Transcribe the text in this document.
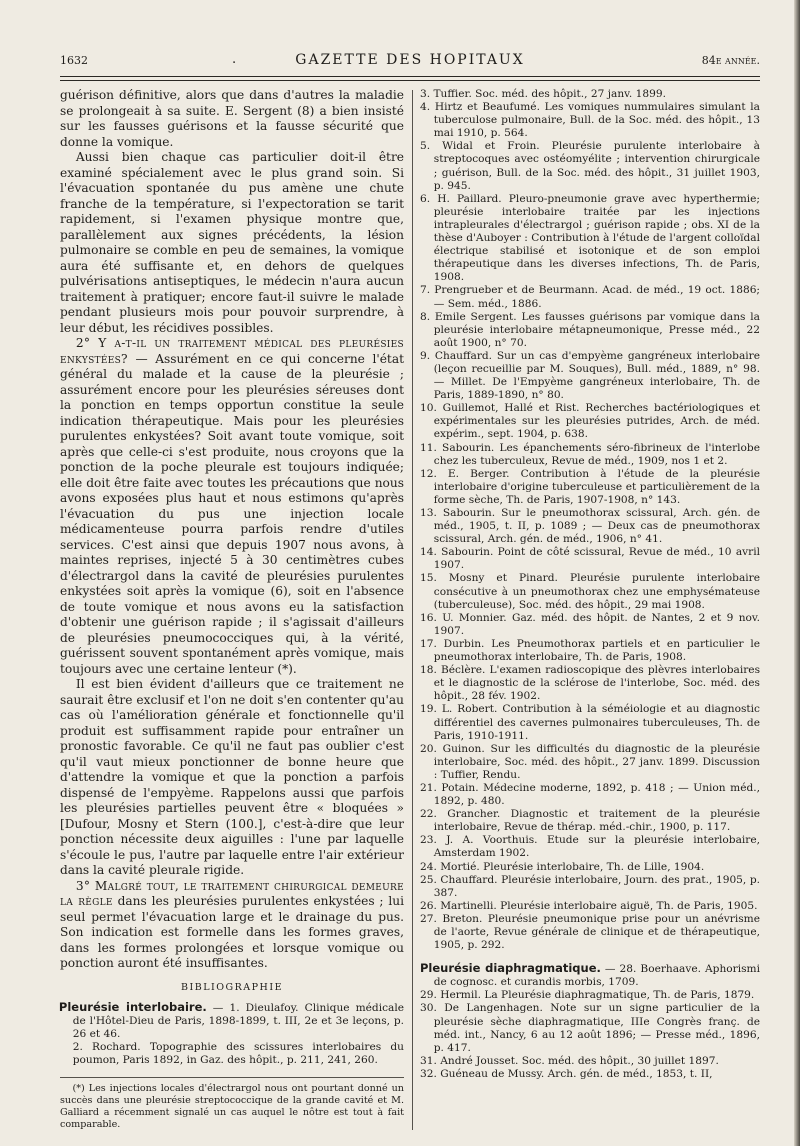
1632	.	GAZETTE DES HOPITAUX	84e année.

guérison définitive, alors que dans d'autres la maladie se prolongeait à sa suite. E. Sergent (8) a bien insisté sur les fausses guérisons et la fausse sécurité que donne la vomique.

Aussi bien chaque cas particulier doit-il être examiné spécialement avec le plus grand soin. Si l'évacuation spontanée du pus amène une chute franche de la température, si l'expectoration se tarit rapidement, si l'examen physique montre que, parallèlement aux signes précédents, la lésion pulmonaire se comble en peu de semaines, la vomique aura été suffisante et, en dehors de quelques pulvérisations antiseptiques, le médecin n'aura aucun traitement à pratiquer; encore faut-il suivre le malade pendant plusieurs mois pour pouvoir surprendre, à leur début, les récidives possibles.

2° Y a-t-il un traitement médical des pleurésies enkystées? — Assurément en ce qui concerne l'état général du malade et la cause de la pleurésie ; assurément encore pour les pleurésies séreuses dont la ponction en temps opportun constitue la seule indication thérapeutique. Mais pour les pleurésies purulentes enkystées? Soit avant toute vomique, soit après que celle-ci s'est produite, nous croyons que la ponction de la poche pleurale est toujours indiquée; elle doit être faite avec toutes les précautions que nous avons exposées plus haut et nous estimons qu'après l'évacuation du pus une injection locale médicamenteuse pourra parfois rendre d'utiles services. C'est ainsi que depuis 1907 nous avons, à maintes reprises, injecté 5 à 30 centimètres cubes d'électrargol dans la cavité de pleurésies purulentes enkystées soit après la vomique (6), soit en l'absence de toute vomique et nous avons eu la satisfaction d'obtenir une guérison rapide ; il s'agissait d'ailleurs de pleurésies pneumococciques qui, à la vérité, guérissent souvent spontanément après vomique, mais toujours avec une certaine lenteur (*).

Il est bien évident d'ailleurs que ce traitement ne saurait être exclusif et l'on ne doit s'en contenter qu'au cas où l'amélioration générale et fonctionnelle qu'il produit est suffisamment rapide pour entraîner un pronostic favorable. Ce qu'il ne faut pas oublier c'est qu'il vaut mieux ponctionner de bonne heure que d'attendre la vomique et que la ponction a parfois dispensé de l'empyème. Rappelons aussi que parfois les pleurésies partielles peuvent être « bloquées » [Dufour, Mosny et Stern (100.], c'est-à-dire que leur ponction nécessite deux aiguilles : l'une par laquelle s'écoule le pus, l'autre par laquelle entre l'air extérieur dans la cavité pleurale rigide.

3° Malgré tout, le traitement chirurgical demeure la règle dans les pleurésies purulentes enkystées ; lui seul permet l'évacuation large et le drainage du pus. Son indication est formelle dans les formes graves, dans les formes prolongées et lorsque vomique ou ponction auront été insuffisantes.

BIBLIOGRAPHIE

Pleurésie interlobaire. — 1. Dieulafoy. Clinique médicale de l'Hôtel-Dieu de Paris, 1898-1899, t. III, 2e et 3e leçons, p. 26 et 46.

2. Rochard. Topographie des scissures interlobaires du poumon, Paris 1892, in Gaz. des hôpit., p. 211, 241, 260.

(*) Les injections locales d'électrargol nous ont pourtant donné un succès dans une pleurésie streptococcique de la grande cavité et M. Galliard a récemment signalé un cas auquel le nôtre est tout à fait comparable.

3. Tuffier. Soc. méd. des hôpit., 27 janv. 1899.

4. Hirtz et Beaufumé. Les vomiques nummulaires simulant la tuberculose pulmonaire, Bull. de la Soc. méd. des hôpit., 13 mai 1910, p. 564.

5. Widal et Froin. Pleurésie purulente interlobaire à streptocoques avec ostéomyélite ; intervention chirurgicale ; guérison, Bull. de la Soc. méd. des hôpit., 31 juillet 1903, p. 945.

6. H. Paillard. Pleuro-pneumonie grave avec hyperthermie; pleurésie interlobaire traitée par les injections intrapleurales d'électrargol ; guérison rapide ; obs. XI de la thèse d'Auboyer : Contribution à l'étude de l'argent colloïdal électrique stabilisé et isotonique et de son emploi thérapeutique dans les diverses infections, Th. de Paris, 1908.

7. Prengrueber et de Beurmann. Acad. de méd., 19 oct. 1886; — Sem. méd., 1886.

8. Emile Sergent. Les fausses guérisons par vomique dans la pleurésie interlobaire métapneumonique, Presse méd., 22 août 1900, n° 70.

9. Chauffard. Sur un cas d'empyème gangréneux interlobaire (leçon recueillie par M. Souques), Bull. méd., 1889, n° 98. — Millet. De l'Empyème gangréneux interlobaire, Th. de Paris, 1889-1890, n° 80.

10. Guillemot, Hallé et Rist. Recherches bactériologiques et expérimentales sur les pleurésies putrides, Arch. de méd. expérim., sept. 1904, p. 638.

11. Sabourin. Les épanchements séro-fibrineux de l'interlobe chez les tuberculeux, Revue de méd., 1909, nos 1 et 2.

12. E. Berger. Contribution à l'étude de la pleurésie interlobaire d'origine tuberculeuse et particulièrement de la forme sèche, Th. de Paris, 1907-1908, n° 143.

13. Sabourin. Sur le pneumothorax scissural, Arch. gén. de méd., 1905, t. II, p. 1089 ; — Deux cas de pneumothorax scissural, Arch. gén. de méd., 1906, n° 41.

14. Sabourin. Point de côté scissural, Revue de méd., 10 avril 1907.

15. Mosny et Pinard. Pleurésie purulente interlobaire consécutive à un pneumothorax chez une emphysémateuse (tuberculeuse), Soc. méd. des hôpit., 29 mai 1908.

16. U. Monnier. Gaz. méd. des hôpit. de Nantes, 2 et 9 nov. 1907.

17. Durbin. Les Pneumothorax partiels et en particulier le pneumothorax interlobaire, Th. de Paris, 1908.

18. Béclère. L'examen radioscopique des plèvres interlobaires et le diagnostic de la sclérose de l'interlobe, Soc. méd. des hôpit., 28 fév. 1902.

19. L. Robert. Contribution à la séméiologie et au diagnostic différentiel des cavernes pulmonaires tuberculeuses, Th. de Paris, 1910-1911.

20. Guinon. Sur les difficultés du diagnostic de la pleurésie interlobaire, Soc. méd. des hôpit., 27 janv. 1899. Discussion : Tuffier, Rendu.

21. Potain. Médecine moderne, 1892, p. 418 ; — Union méd., 1892, p. 480.

22. Grancher. Diagnostic et traitement de la pleurésie interlobaire, Revue de thérap. méd.-chir., 1900, p. 117.

23. J. A. Voorthuis. Etude sur la pleurésie interlobaire, Amsterdam 1902.

24. Mortié. Pleurésie interlobaire, Th. de Lille, 1904.

25. Chauffard. Pleurésie interlobaire, Journ. des prat., 1905, p. 387.

26. Martinelli. Pleurésie interlobaire aiguë, Th. de Paris, 1905.

27. Breton. Pleurésie pneumonique prise pour un anévrisme de l'aorte, Revue générale de clinique et de thérapeutique, 1905, p. 292.

Pleurésie diaphragmatique. — 28. Boerhaave. Aphorismi de cognosc. et curandis morbis, 1709.

29. Hermil. La Pleurésie diaphragmatique, Th. de Paris, 1879.

30. De Langenhagen. Note sur un signe particulier de la pleurésie sèche diaphragmatique, IIIe Congrès franç. de méd. int., Nancy, 6 au 12 août 1896; — Presse méd., 1896, p. 417.

31. André Jousset. Soc. méd. des hôpit., 30 juillet 1897.

32. Guéneau de Mussy. Arch. gén. de méd., 1853, t. II,
